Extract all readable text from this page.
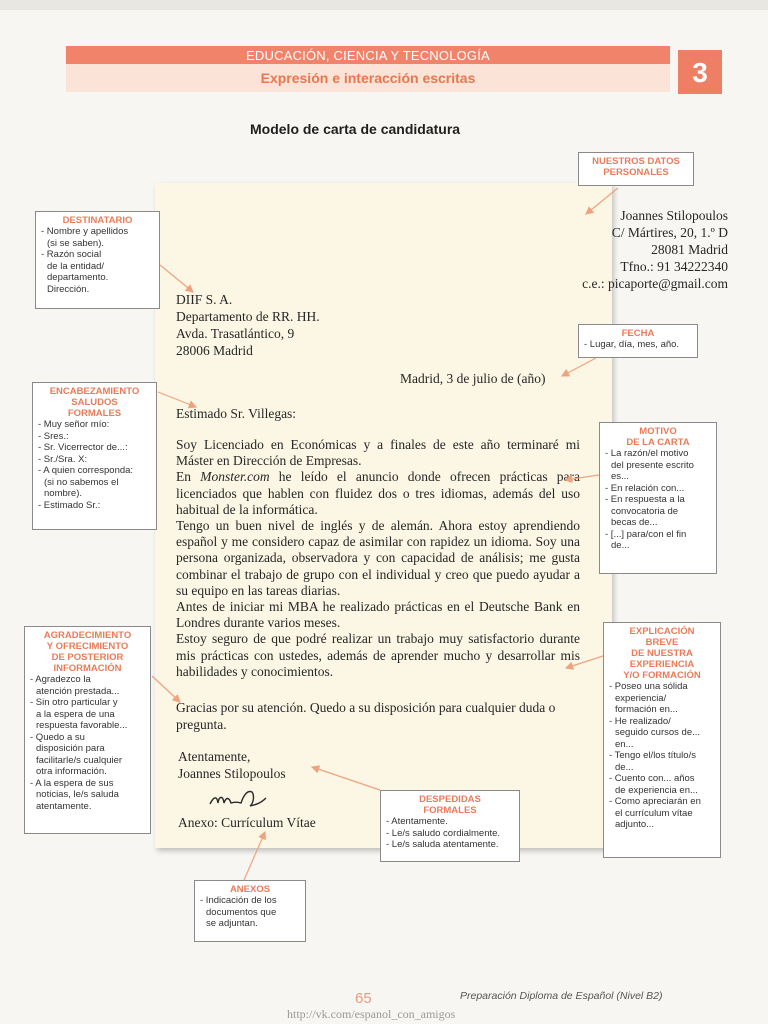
EDUCACIÓN, CIENCIA Y TECNOLOGÍA
Expresión e interacción escritas	3
Modelo de carta de candidatura
Joannes Stilopoulos
C/ Mártires, 20, 1.º D
28081 Madrid
Tfno.: 91 34222340
c.e.: picaporte@gmail.com
DIIF S. A.
Departamento de RR. HH.
Avda. Trasatlántico, 9
28006 Madrid
Madrid, 3 de julio de (año)
Estimado Sr. Villegas:

Soy Licenciado en Económicas y a finales de este año terminaré mi Máster en Dirección de Empresas.

En Monster.com he leído el anuncio donde ofrecen prácticas para licenciados que hablen con fluidez dos o tres idiomas, además del uso habitual de la informática.

Tengo un buen nivel de inglés y de alemán. Ahora estoy aprendiendo español y me considero capaz de asimilar con rapidez un idioma. Soy una persona organizada, observadora y con capacidad de análisis; me gusta combinar el trabajo de grupo con el individual y creo que puedo ayudar a su equipo en las tareas diarias.

Antes de iniciar mi MBA he realizado prácticas en el Deutsche Bank en Londres durante varios meses.

Estoy seguro de que podré realizar un trabajo muy satisfactorio durante mis prácticas con ustedes, además de aprender mucho y desarrollar mis habilidades y conocimientos.

Gracias por su atención. Quedo a su disposición para cualquier duda o pregunta.
Atentamente,
Joannes Stilopoulos
Anexo: Currículum Vítae
NUESTROS DATOS
PERSONALES
DESTINATARIO
- Nombre y apellidos
(si se saben).
- Razón social
de la entidad/
departamento.
Dirección.
FECHA
- Lugar, día, mes, año.
ENCABEZAMIENTO
SALUDOS
FORMALES
- Muy señor mío:
- Sres.:
- Sr. Vicerrector de...:
- Sr./Sra. X:
- A quien corresponda:
(si no sabemos el
nombre).
- Estimado Sr.:
MOTIVO
DE LA CARTA
- La razón/el motivo
del presente escrito
es...
- En relación con...
- En respuesta a la
convocatoria de
becas de...
- [...] para/con el fin
de...
AGRADECIMIENTO
Y OFRECIMIENTO
DE POSTERIOR
INFORMACIÓN
- Agradezco la
atención prestada...
- Sin otro particular y
a la espera de una
respuesta favorable...
- Quedo a su
disposición para
facilitarle/s cualquier
otra información.
- A la espera de sus
noticias, le/s saluda
atentamente.
EXPLICACIÓN
BREVE
DE NUESTRA
EXPERIENCIA
Y/O FORMACIÓN
- Poseo una sólida
experiencia/
formación en...
- He realizado/
seguido cursos de...
en...
- Tengo el/los título/s
de...
- Cuento con... años
de experiencia en...
- Como apreciarán en
el currículum vítae
adjunto...
DESPEDIDAS
FORMALES
- Atentamente.
- Le/s saludo cordialmente.
- Le/s saluda atentamente.
ANEXOS
- Indicación de los
documentos que
se adjuntan.
65	Preparación Diploma de Español (Nivel B2)
http://vk.com/espanol_con_amigos
